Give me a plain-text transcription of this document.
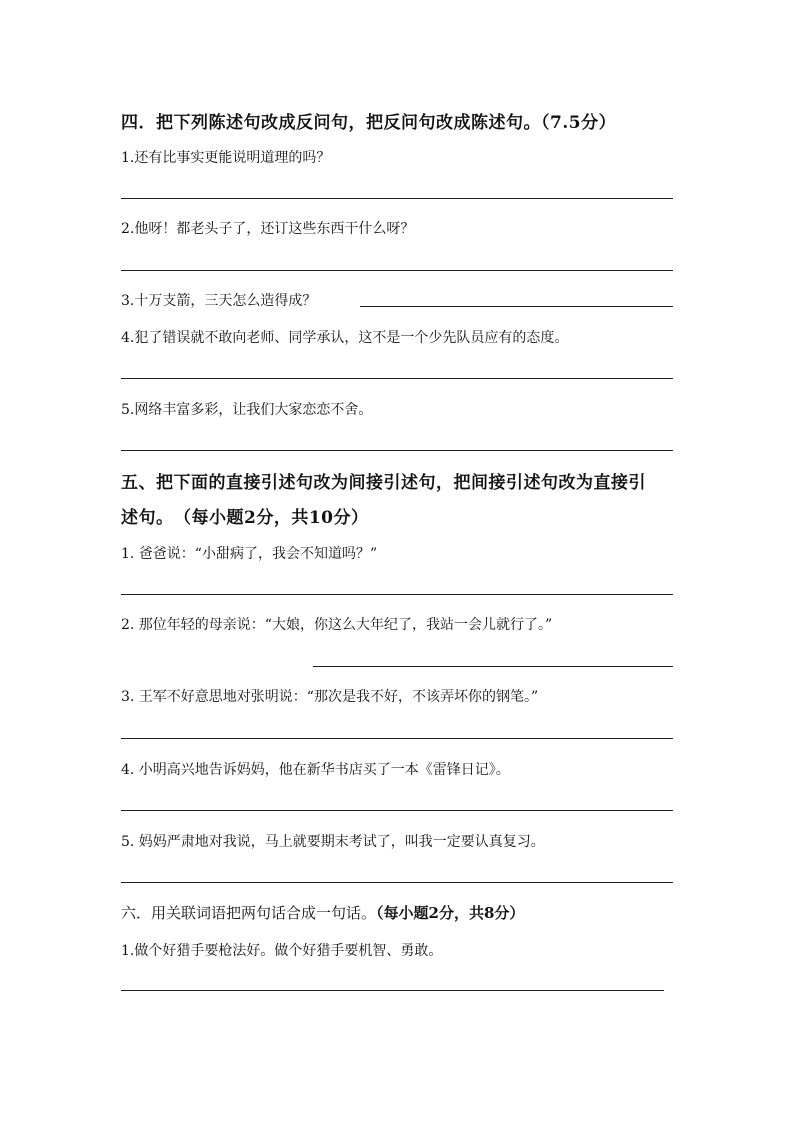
四．把下列陈述句改成反问句，把反问句改成陈述句。（7.5分）
1.还有比事实更能说明道理的吗？
2.他呀！都老头子了，还订这些东西干什么呀？
3.十万支箭，三天怎么造得成？
4.犯了错误就不敢向老师、同学承认，这不是一个少先队员应有的态度。
5.网络丰富多彩，让我们大家恋恋不舍。
五、把下面的直接引述句改为间接引述句，把间接引述句改为直接引
述句。　（每小题2分，共10分）
1. 爸爸说：“小甜病了，我会不知道吗？”
2. 那位年轻的母亲说：“大娘，你这么大年纪了，我站一会儿就行了。”
3. 王军不好意思地对张明说：“那次是我不好，不该弄坏你的钢笔。”
4. 小明高兴地告诉妈妈，他在新华书店买了一本《雷锋日记》。
5. 妈妈严肃地对我说，马上就要期末考试了，叫我一定要认真复习。
六．用关联词语把两句话合成一句话。（每小题2分，共8分）
1.做个好猎手要枪法好。做个好猎手要机智、勇敢。
